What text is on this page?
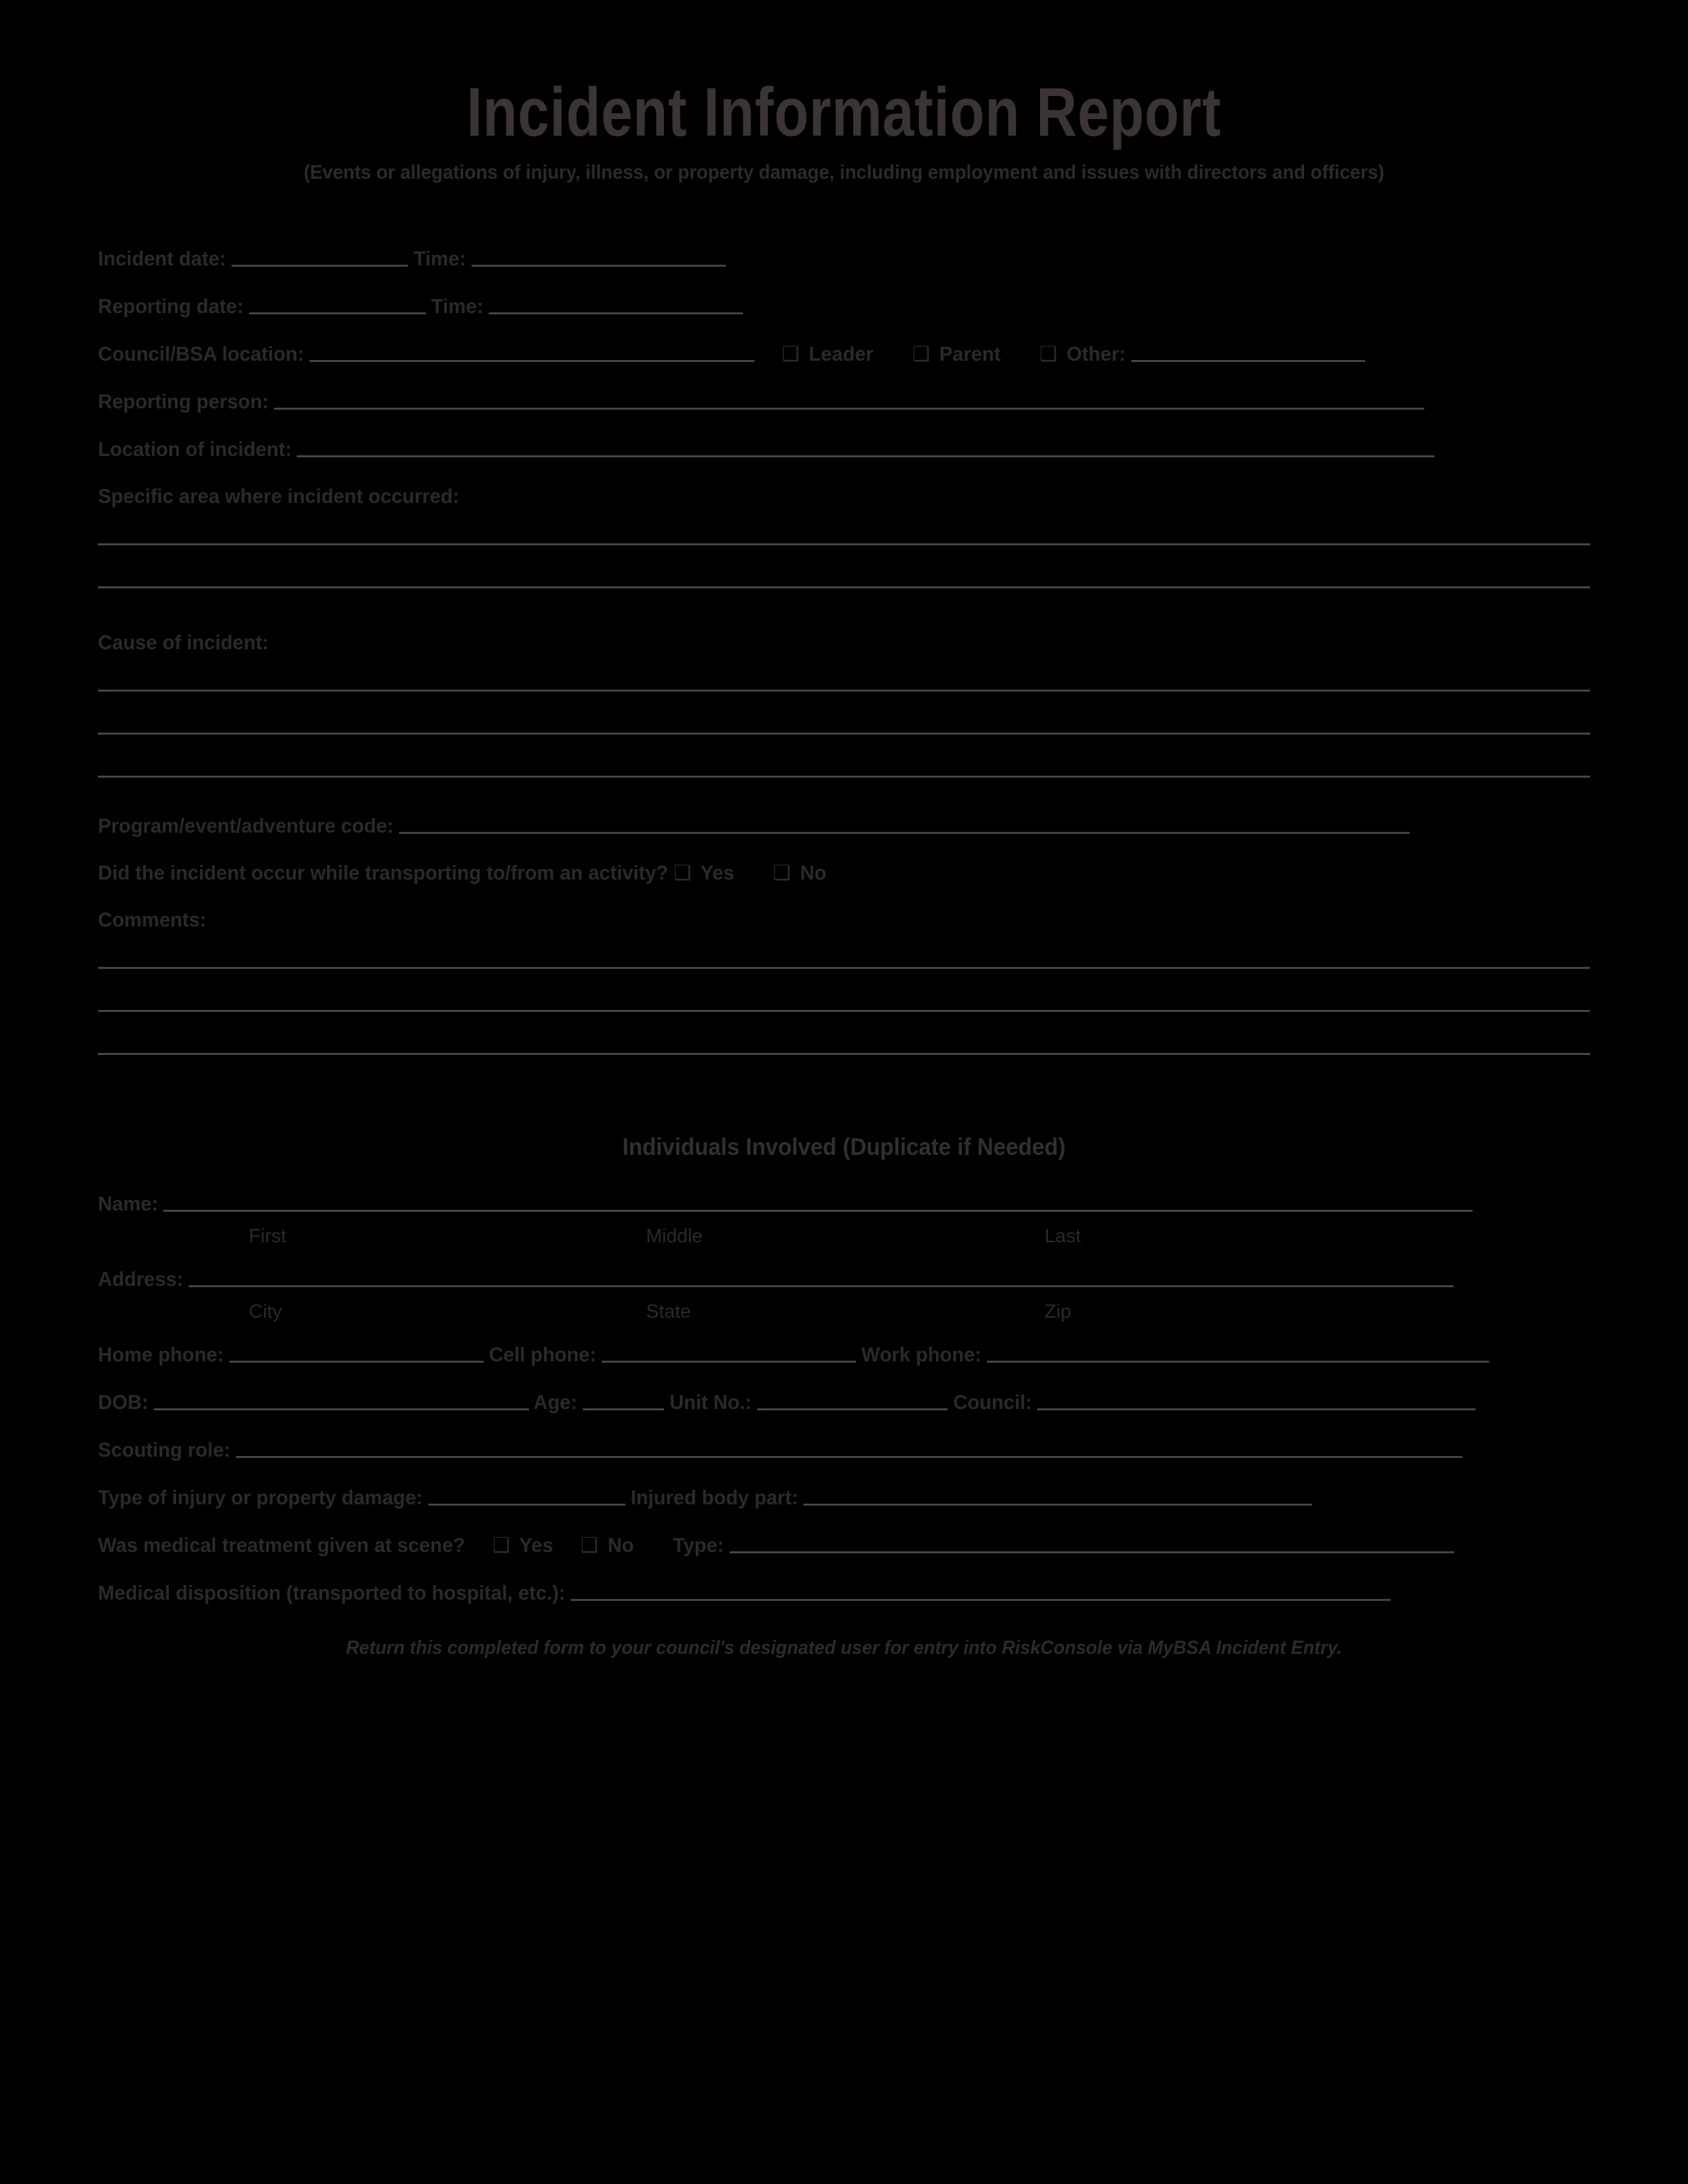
Incident Information Report
(Events or allegations of injury, illness, or property damage, including employment and issues with directors and officers)
Incident date:	Time:
Reporting date:	Time:
Council/BSA location:	❑ Leader ❑ Parent ❑ Other:
Reporting person:
Location of incident:
Specific area where incident occurred:
Cause of incident:
Program/event/adventure code:
Did the incident occur while transporting to/from an activity? ❑ Yes ❑ No
Comments:
Individuals Involved (Duplicate if Needed)
Name:
First	Middle	Last
Address:
City	State	Zip
Home phone:	Cell phone:	Work phone:
DOB:	Age:	Unit No.:	Council:
Scouting role:
Type of injury or property damage:	Injured body part:
Was medical treatment given at scene? ❑ Yes ❑ No Type:
Medical disposition (transported to hospital, etc.):
Return this completed form to your council's designated user for entry into RiskConsole via MyBSA Incident Entry.
